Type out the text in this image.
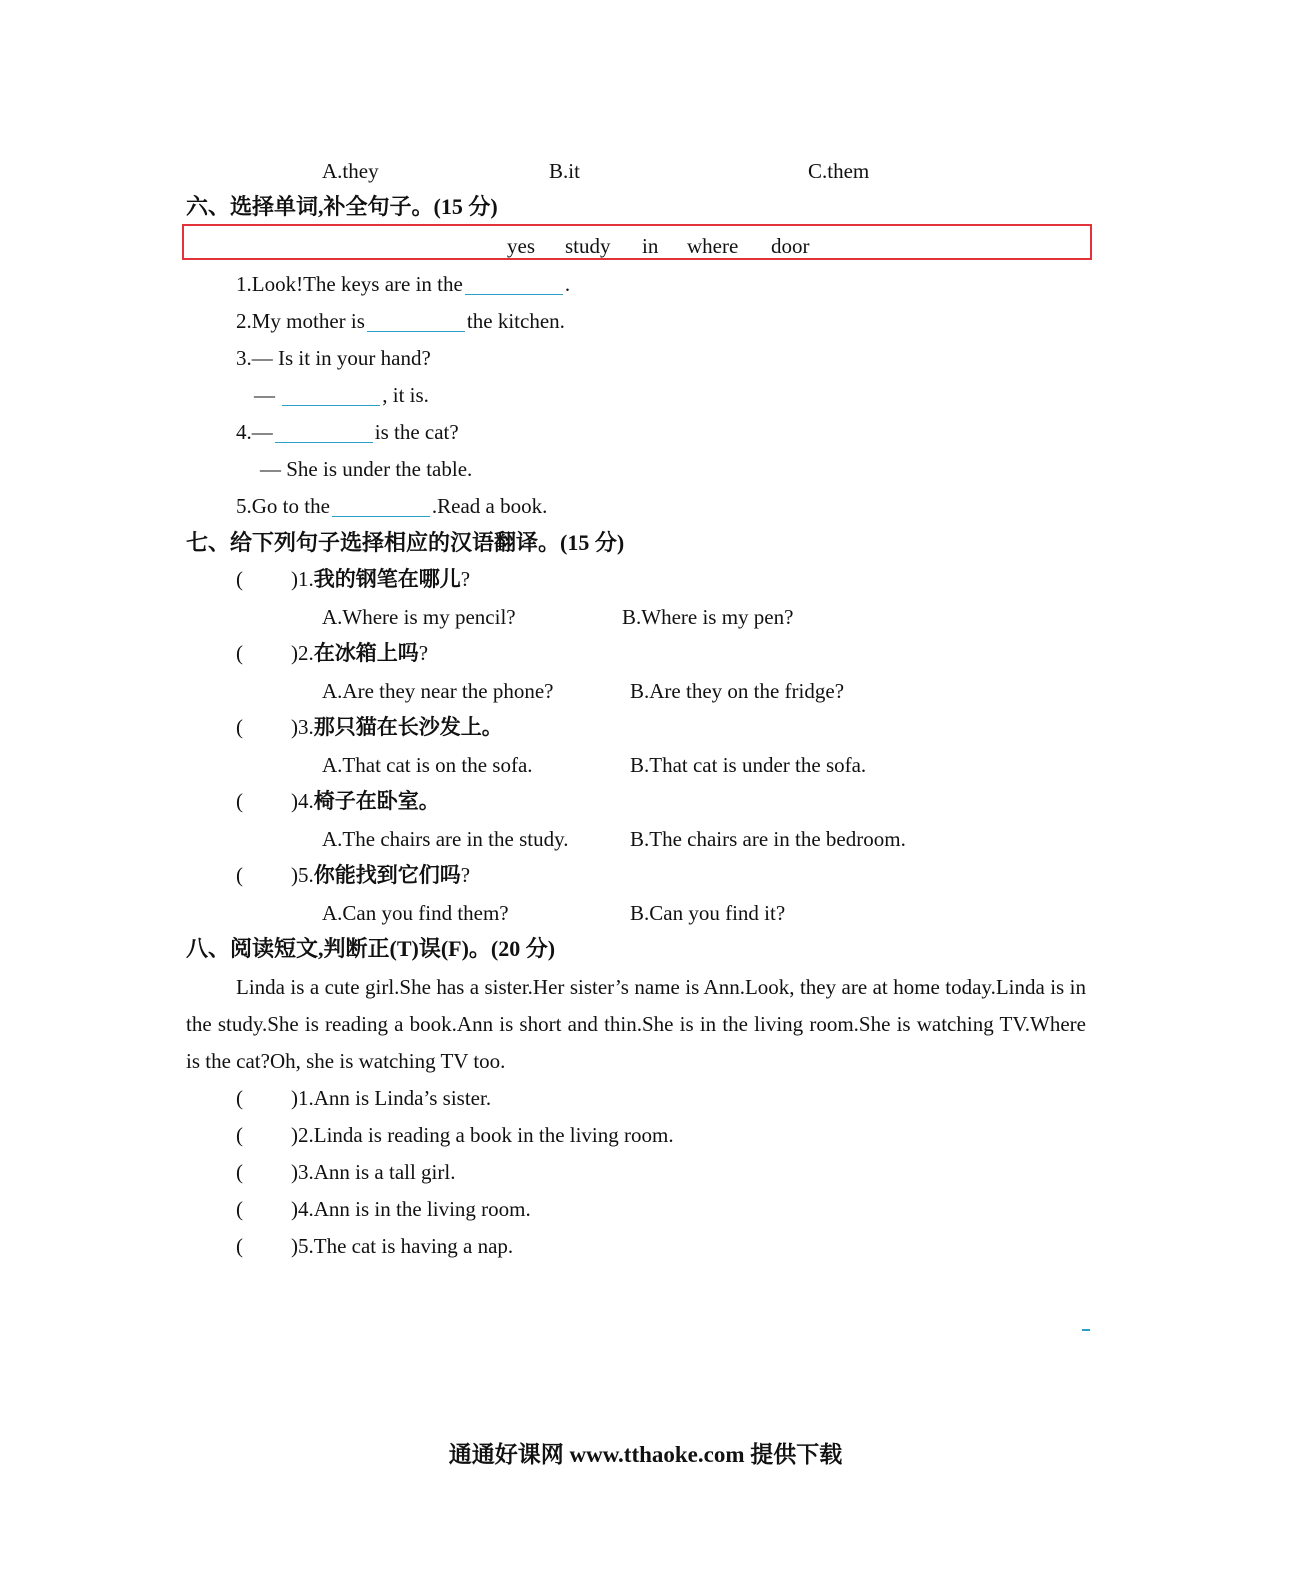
A.they	B.it	C.them
六、选择单词,补全句子。(15 分)
yes study in where door
1.Look!The keys are in the	.
2.My mother is	the kitchen.
3.— Is it in your hand?
—	, it is.
4.—	is the cat?
— She is under the table.
5.Go to the	.Read a book.
七、给下列句子选择相应的汉语翻译。(15 分)
( )1.我的钢笔在哪儿?
A.Where is my pencil?	B.Where is my pen?
( )2.在冰箱上吗?
A.Are they near the phone?	B.Are they on the fridge?
( )3.那只猫在长沙发上。
A.That cat is on the sofa.	B.That cat is under the sofa.
( )4.椅子在卧室。
A.The chairs are in the study.	B.The chairs are in the bedroom.
( )5.你能找到它们吗?
A.Can you find them?	B.Can you find it?
八、阅读短文,判断正(T)误(F)。(20 分)
Linda is a cute girl.She has a sister.Her sister’s name is Ann.Look, they are at home today.Linda is in the study.She is reading a book.Ann is short and thin.She is in the living room.She is watching TV.Where is the cat?Oh, she is watching TV too.
( )1.Ann is Linda’s sister.
( )2.Linda is reading a book in the living room.
( )3.Ann is a tall girl.
( )4.Ann is in the living room.
( )5.The cat is having a nap.
通通好课网 www.tthaoke.com 提供下载
